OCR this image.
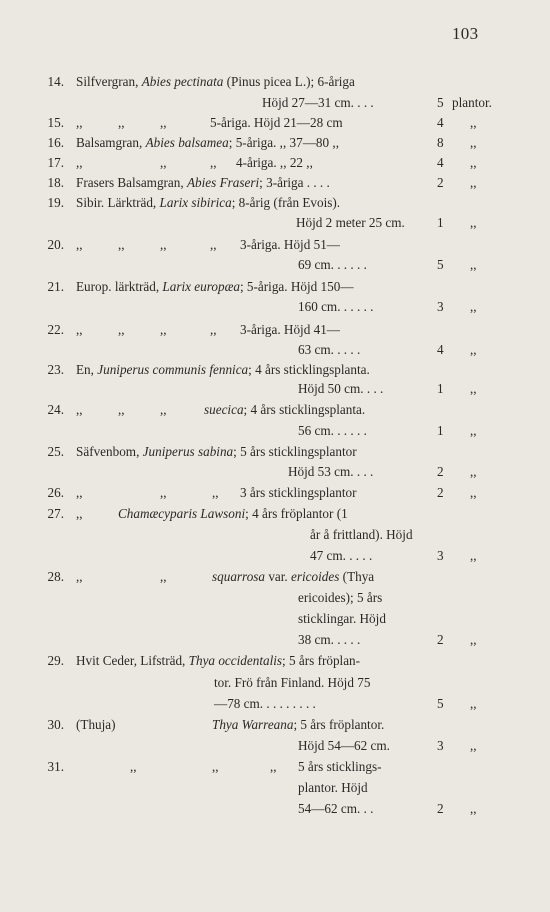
103
14. Silfvergran, Abies pectinata (Pinus picea L.); 6-åriga
Höjd 27—31 cm. . . .	5 plantor.
15. ,,	,,	,,	5-åriga. Höjd 21—28 cm	4 ,,
16. Balsamgran, Abies balsamea; 5-åriga. ,, 37—80 ,,	8 ,,
17. ,,	,,	,, 4-åriga. ,, 22 ,,	4 ,,
18. Frasers Balsamgran, Abies Fraseri; 3-åriga . . . .	2 ,,
19. Sibir. Lärkträd, Larix sibirica; 8-årig (från Evois).
Höjd 2 meter 25 cm. 1 ,,
20. ,,	,,	,,	,, 3-åriga. Höjd 51—
69 cm. . . . . .	5 ,,
21. Europ. lärkträd, Larix europæa; 5-åriga. Höjd 150—
160 cm. . . . . .	3 ,,
22. ,,	,,	,,	,, 3-åriga. Höjd 41—
63 cm. . . . .	4 ,,
23. En, Juniperus communis fennica; 4 års sticklingsplanta.
Höjd 50 cm. . . .	1 ,,
24. ,,	,,	,,	suecica; 4 års sticklingsplanta.
56 cm. . . . . .	1 ,,
25. Säfvenbom, Juniperus sabina; 5 års sticklingsplantor
Höjd 53 cm. . . .	2 ,,
26. ,,	,,	,, 3 års sticklingsplantor	2 ,,
27. ,,	Chamæcyparis Lawsoni; 4 års fröplantor (1
år å frittland). Höjd
47 cm. . . . .	3 ,,
28. ,,	,,	squarrosa var. ericoides (Thya
ericoides); 5 års
sticklingar. Höjd
38 cm. . . . .	2 ,,
29. Hvit Ceder, Lifsträd, Thya occidentalis; 5 års fröplan-
tor. Frö från Finland. Höjd 75
—78 cm. . . . . . . . .	5 ,,
30. (Thuja)	Thya Warreana; 5 års fröplantor.
Höjd 54—62 cm.	3 ,,
31.	,,	,,	,, 5 års sticklings-
plantor. Höjd
54—62 cm. . .	2 ,,
